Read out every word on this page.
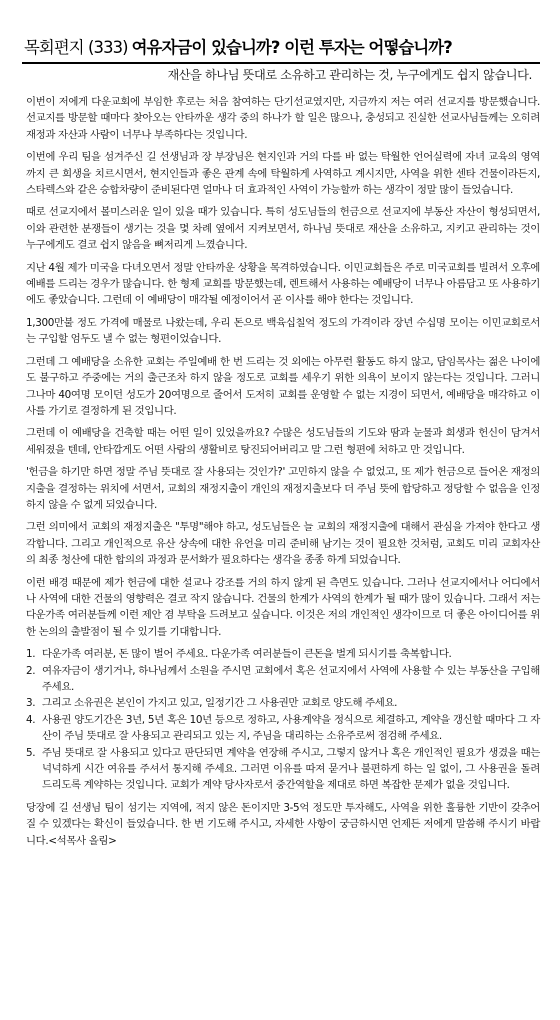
목회편지 (333) 여유자금이 있습니까? 이런 투자는 어떻습니까?
재산을 하나님 뜻대로 소유하고 관리하는 것, 누구에게도 쉽지 않습니다.

이번이 저에게 다운교회에 부임한 후로는 처음 참여하는 단기선교였지만, 지금까지 저는 여러 선교지를 방문했습니다. 선교지를 방문할 때마다 찾아오는 안타까운 생각 중의 하나가 할 일은 많으나, 충성되고 진실한 선교사님들께는 오히려 재정과 자산과 사람이 너무나 부족하다는 것입니다.

이번에 우리 팀을 섬겨주신 길 선생님과 장 부장님은 현지인과 거의 다를 바 없는 탁월한 언어실력에 자녀 교육의 영역까지 큰 희생을 치르시면서, 현지인들과 좋은 관계 속에 탁월하게 사역하고 계시지만, 사역을 위한 센타 건물이라든지, 스타렉스와 같은 승합차량이 준비된다면 얼마나 더 효과적인 사역이 가능할까 하는 생각이 정말 많이 들었습니다.

때로 선교지에서 볼미스러운 일이 있을 때가 있습니다. 특히 성도님들의 헌금으로 선교지에 부동산 자산이 형성되면서, 이와 관련한 분쟁들이 생기는 것을 몇 차례 옆에서 지켜보면서, 하나님 뜻대로 재산을 소유하고, 지키고 관리하는 것이 누구에게도 결코 쉽지 않음을 뼈저리게 느꼈습니다.

지난 4월 제가 미국을 다녀오면서 정말 안타까운 상황을 목격하였습니다. 이민교회들은 주로 미국교회를 빌려서 오후에 예배를 드리는 경우가 많습니다. 한 형제 교회를 방문했는데, 렌트해서 사용하는 예배당이 너무나 아름답고 또 사용하기에도 좋았습니다. 그런데 이 예배당이 매각될 예정이어서 곧 이사를 해야 한다는 것입니다.

1,300만불 정도 가격에 매물로 나왔는데, 우리 돈으로 백육십칠억 정도의 가격이라 장년 수십명 모이는 이민교회로서는 구입할 엄두도 낼 수 없는 형편이었습니다.

그런데 그 예배당을 소유한 교회는 주일예배 한 번 드리는 것 외에는 아무런 활동도 하지 않고, 담임목사는 젊은 나이에도 불구하고 주중에는 거의 출근조차 하지 않을 정도로 교회를 세우기 위한 의욕이 보이지 않는다는 것입니다. 그러니 그나마 40여명 모이던 성도가 20여명으로 줄어서 도저히 교회를 운영할 수 없는 지경이 되면서, 예배당을 매각하고 이사를 가기로 결정하게 된 것입니다.

그런데 이 예배당을 건축할 때는 어떤 일이 있었을까요? 수많은 성도님들의 기도와 땀과 눈물과 희생과 헌신이 담겨서 세워졌을 텐데, 안타깝게도 어떤 사람의 생활비로 탕진되어버리고 말 그런 형편에 처하고 만 것입니다.

'헌금을 하기만 하면 정말 주님 뜻대로 잘 사용되는 것인가?' 고민하지 않을 수 없었고, 또 제가 헌금으로 들어온 재정의 지출을 결정하는 위치에 서면서, 교회의 재정지출이 개인의 재정지출보다 더 주님 뜻에 합당하고 정당할 수 없음을 인정하지 않을 수 없게 되었습니다.

그런 의미에서 교회의 재정지출은 "투명"해야 하고, 성도님들은 늘 교회의 재정지출에 대해서 관심을 가져야 한다고 생각합니다. 그리고 개인적으로 유산 상속에 대한 유언을 미리 준비해 남기는 것이 필요한 것처럼, 교회도 미리 교회자산의 최종 청산에 대한 합의의 과정과 문서화가 필요하다는 생각을 종종 하게 되었습니다.

이런 배경 때문에 제가 헌금에 대한 설교나 강조를 거의 하지 않게 된 측면도 있습니다. 그러나 선교지에서나 어디에서나 사역에 대한 건물의 영향력은 결코 작지 않습니다. 건물의 한계가 사역의 한계가 될 때가 많이 있습니다. 그래서 저는 다운가족 여러분들께 이런 제안 겸 부탁을 드려보고 싶습니다. 이것은 저의 개인적인 생각이므로 더 좋은 아이디어를 위한 논의의 출발점이 될 수 있기를 기대합니다.

1. 다운가족 여러분, 돈 많이 벌어 주세요. 다운가족 여러분들이 큰돈을 벌게 되시기를 축복합니다.
2. 여유자금이 생기거나, 하나님께서 소원을 주시면 교회에서 혹은 선교지에서 사역에 사용할 수 있는 부동산을 구입해 주세요.
3. 그리고 소유권은 본인이 가지고 있고, 일정기간 그 사용권만 교회로 양도해 주세요.
4. 사용권 양도기간은 3년, 5년 혹은 10년 등으로 정하고, 사용계약을 정식으로 체결하고, 계약을 갱신할 때마다 그 자산이 주님 뜻대로 잘 사용되고 관리되고 있는 지, 주님을 대리하는 소유주로써 점검해 주세요.
5. 주님 뜻대로 잘 사용되고 있다고 판단되면 계약을 연장해 주시고, 그렇지 않거나 혹은 개인적인 필요가 생겼을 때는 넉넉하게 시간 여유를 주셔서 통지해 주세요. 그러면 이유를 따져 묻거나 불편하게 하는 일 없이, 그 사용권을 돌려드리도록 계약하는 것입니다. 교회가 계약 당사자로서 중간역할을 제대로 하면 복잡한 문제가 없을 것입니다.

당장에 길 선생님 팀이 섬기는 지역에, 적지 않은 돈이지만 3-5억 정도만 투자해도, 사역을 위한 훌륭한 기반이 갖추어 질 수 있겠다는 확신이 들었습니다. 한 번 기도해 주시고, 자세한 사항이 궁금하시면 언제든 저에게 말씀해 주시기 바랍니다.<석목사 올림>
